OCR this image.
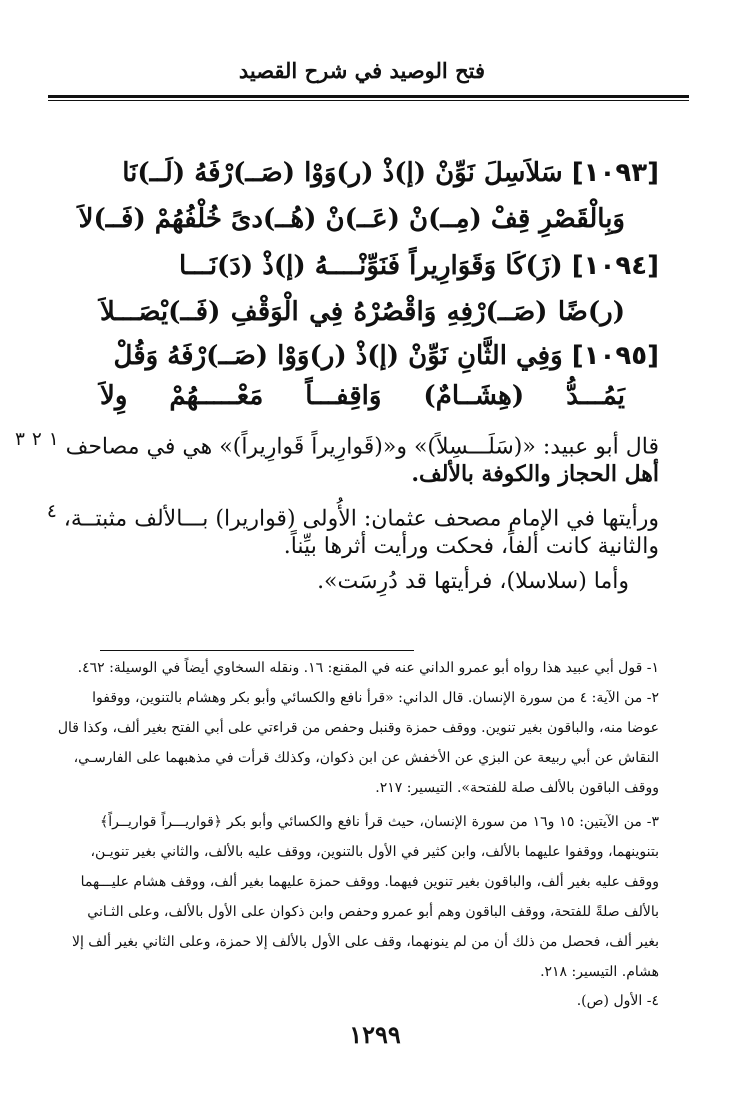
فتح الوصيد في شرح القصيد
[١٠٩٣] سَلاَسِلَ نَوِّنْ (إ)ذْ (ر)وَوْا (صَــ)رْفَهُ (لَــ)نَا
وَبِالْقَصْرِ قِفْ (مِــ)نْ (عَــ)نْ (هُــ)دىً خُلْفُهُمْ (فَــ)لاَ
[١٠٩٤] (زَ)كَا وَقَوَارِيراً فَنَوِّنْــــهُ (إ)ذْ (دَ)نَـــا
(ر)ضًا (صَــ)رْفِهِ وَاقْصُرْهُ فِي الْوَقْفِ (فَــ)يْصَـــلاَ
[١٠٩٥] وَفِي الثَّانِ نَوِّنْ (إ)ذْ (ر)وَوْا (صَــ)رْفَهُ وَقُلْ
يَمُـــدُّ (هِشَــامٌ) وَاقِفـــاً مَعْـــــهُمْ وِلاَ
قال أبو عبيد: «(سَلَـــسِلاً)» و«(قَوارِيراً قَوارِيراً)» هي في مصاحف $^١$ $^٢$ $^٣$
أهل الحجاز والكوفة بالألف.
ورأيتها في الإمام مصحف عثمان: الأُولى (قواريرا) بـــالألف مثبتــة، $^٤$
والثانية كانت ألفاً، فحكت ورأيت أثرها بيِّناً.
وأما (سلاسلا)، فرأيتها قد دُرِسَت».
١- قول أبي عبيد هذا رواه أبو عمرو الداني عنه في المقنع: ١٦. ونقله السخاوي أيضاً في الوسيلة: ٤٦٢.
٢- من الآية: ٤ من سورة الإنسان. قال الداني: «قرأ نافع والكسائي وأبو بكر وهشام بالتنوين، ووقفوا
عوضا منه، والباقون بغير تنوين. ووقف حمزة وقنبل وحفص من قراءتي على أبي الفتح بغير ألف، وكذا قال
النقاش عن أبي ربيعة عن البزي عن الأخفش عن ابن ذكوان، وكذلك قرأت في مذهبهما على الفارسـي،
ووقف الباقون بالألف صلة للفتحة». التيسير: ٢١٧.
٣- من الآيتين: ١٥ و١٦ من سورة الإنسان، حيث قرأ نافع والكسائي وأبو بكر ﴿قواريـــراً قواريــراً﴾
بتنوينهما، ووقفوا عليهما بالألف، وابن كثير في الأول بالتنوين، ووقف عليه بالألف، والثاني بغير تنويـن،
ووقف عليه بغير ألف، والباقون بغير تنوين فيهما. ووقف حمزة عليهما بغير ألف، ووقف هشام عليـــهما
بالألف صلةً للفتحة، ووقف الباقون وهم أبو عمرو وحفص وابن ذكوان على الأول بالألف، وعلى الثـاني
بغير ألف، فحصل من ذلك أن من لم ينونهما، وقف على الأول بالألف إلا حمزة، وعلى الثاني بغير ألف إلا
هشام. التيسير: ٢١٨.
٤- الأول (ص).
١٢٩٩
